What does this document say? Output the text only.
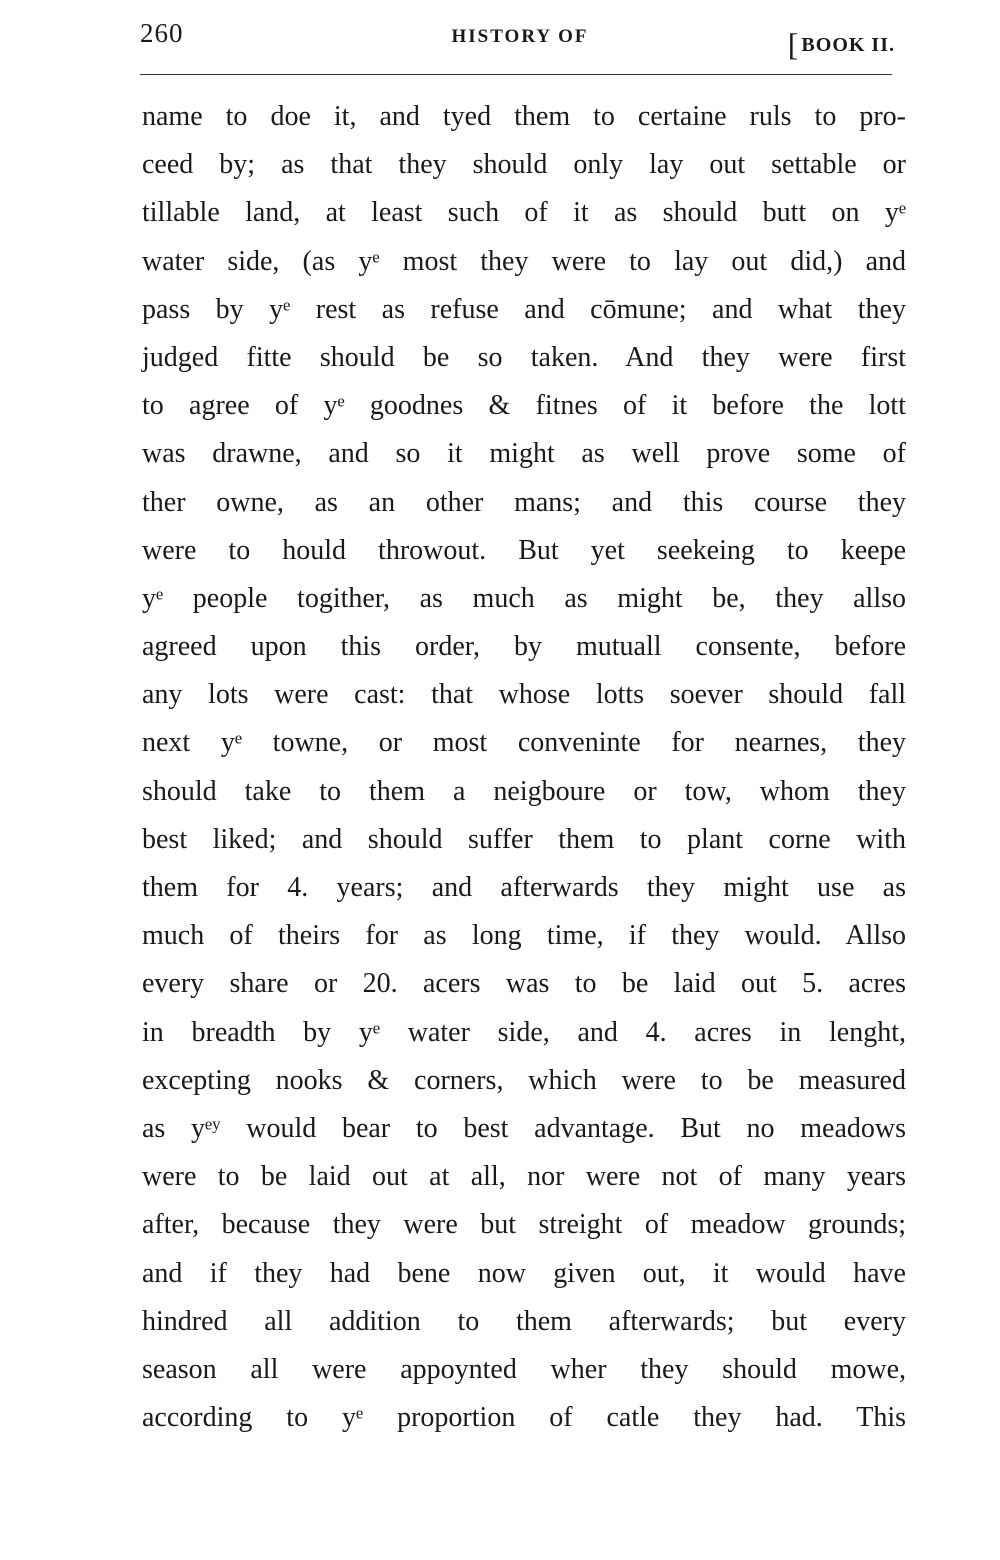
260	HISTORY OF	[ BOOK II.
name to doe it, and tyed them to certaine ruls to pro-
ceed by; as that they should only lay out settable or
tillable land, at least such of it as should butt on yᵉ
water side, (as yᵉ most they were to lay out did,) and
pass by yᵉ rest as refuse and cōmune; and what they
judged fitte should be so taken. And they were first
to agree of yᵉ goodnes & fitnes of it before the lott
was drawne, and so it might as well prove some of
ther owne, as an other mans; and this course they
were to hould throwout. But yet seekeing to keepe
yᵉ people togither, as much as might be, they allso
agreed upon this order, by mutuall consente, before
any lots were cast: that whose lotts soever should fall
next yᵉ towne, or most conveninte for nearnes, they
should take to them a neigboure or tow, whom they
best liked; and should suffer them to plant corne with
them for 4. years; and afterwards they might use as
much of theirs for as long time, if they would. Allso
every share or 20. acers was to be laid out 5. acres
in breadth by yᵉ water side, and 4. acres in lenght,
excepting nooks & corners, which were to be measured
as yᵉʸ would bear to best advantage. But no meadows
were to be laid out at all, nor were not of many years
after, because they were but streight of meadow grounds;
and if they had bene now given out, it would have
hindred all addition to them afterwards; but every
season all were appoynted wher they should mowe,
according to yᵉ proportion of catle they had. This
